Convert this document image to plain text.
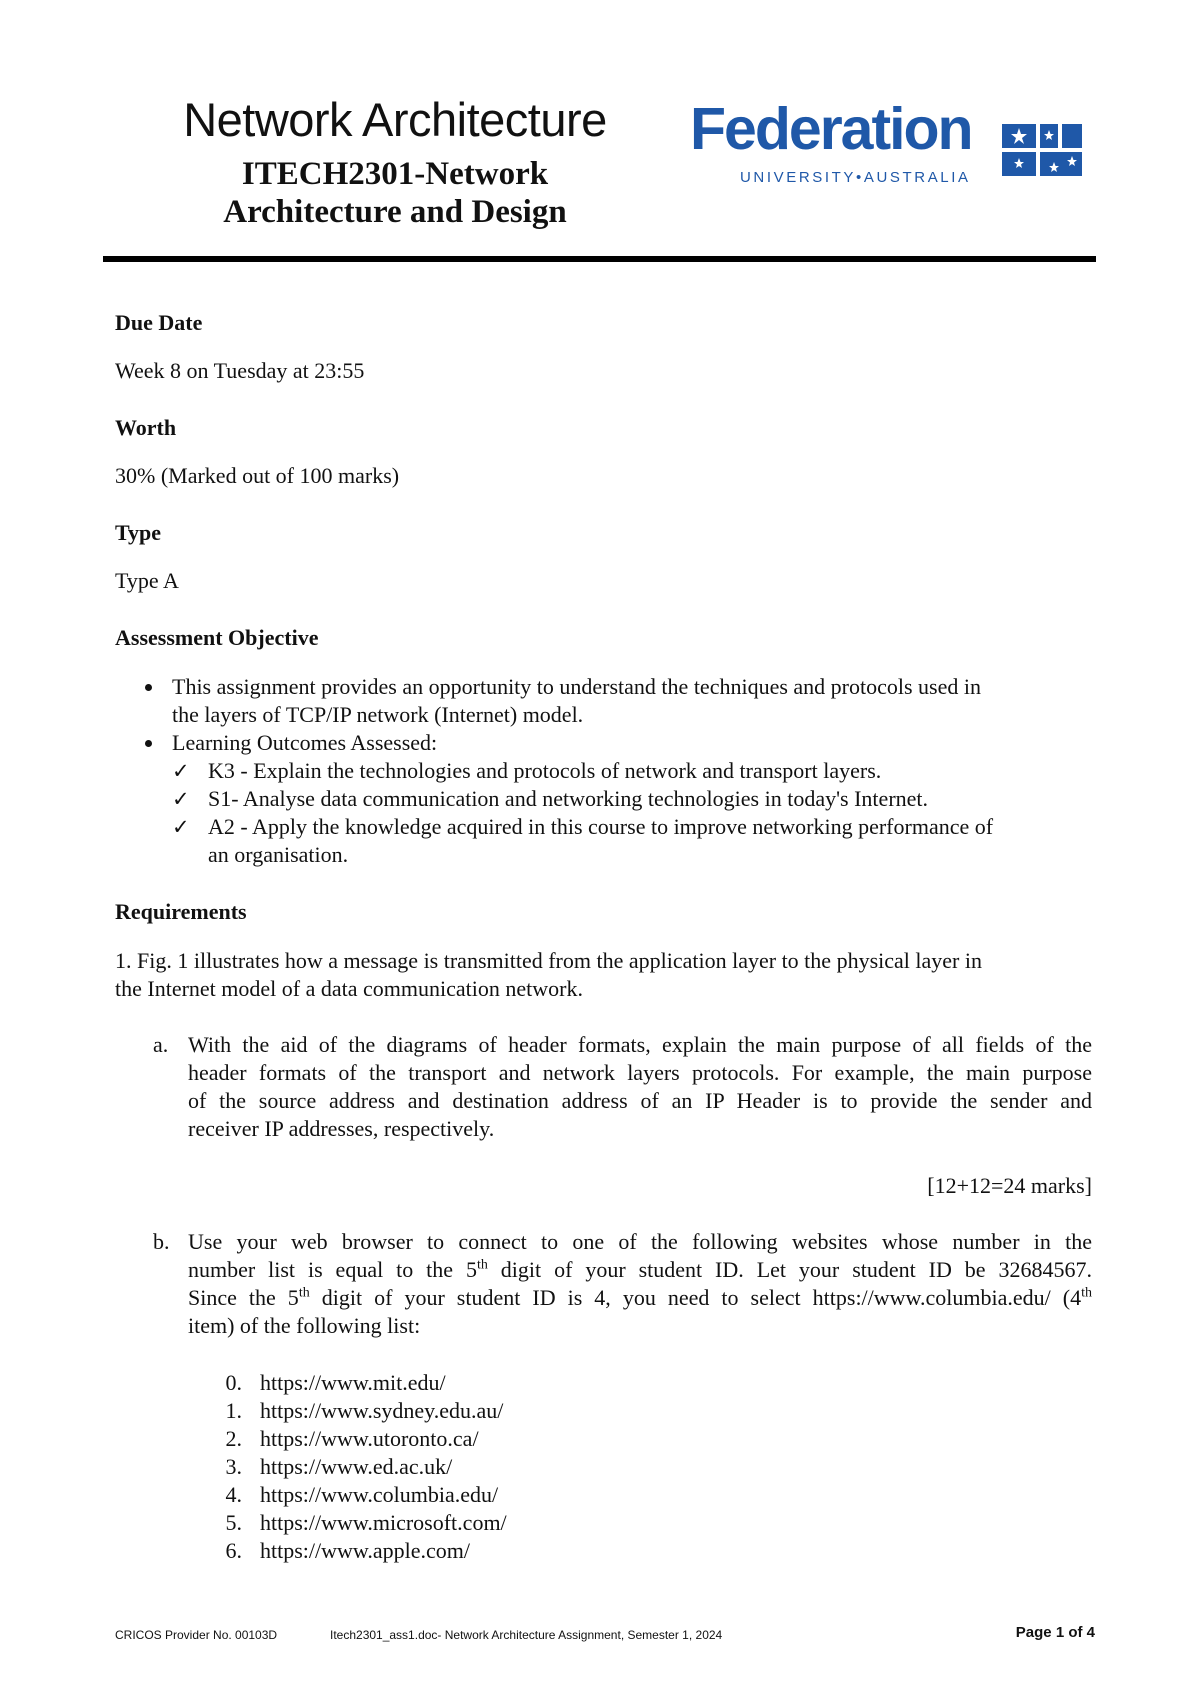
Network Architecture
ITECH2301-Network
Architecture and Design
Federation
UNIVERSITY•AUSTRALIA
Due Date
Week 8 on Tuesday at 23:55
Worth
30% (Marked out of 100 marks)
Type
Type A
Assessment Objective
This assignment provides an opportunity to understand the techniques and protocols used in
the layers of TCP/IP network (Internet) model.
Learning Outcomes Assessed:
✓ K3 - Explain the technologies and protocols of network and transport layers.
✓ S1- Analyse data communication and networking technologies in today's Internet.
✓ A2 - Apply the knowledge acquired in this course to improve networking performance of
an organisation.
Requirements
1. Fig. 1 illustrates how a message is transmitted from the application layer to the physical layer in
the Internet model of a data communication network.
a. With the aid of the diagrams of header formats, explain the main purpose of all fields of the
header formats of the transport and network layers protocols. For example, the main purpose
of the source address and destination address of an IP Header is to provide the sender and
receiver IP addresses, respectively.
[12+12=24 marks]
b. Use your web browser to connect to one of the following websites whose number in the
number list is equal to the 5th digit of your student ID. Let your student ID be 32684567.
Since the 5th digit of your student ID is 4, you need to select https://www.columbia.edu/ (4th
item) of the following list:
0. https://www.mit.edu/
1. https://www.sydney.edu.au/
2. https://www.utoronto.ca/
3. https://www.ed.ac.uk/
4. https://www.columbia.edu/
5. https://www.microsoft.com/
6. https://www.apple.com/
CRICOS Provider No. 00103D	Itech2301_ass1.doc- Network Architecture Assignment, Semester 1, 2024	Page 1 of 4
